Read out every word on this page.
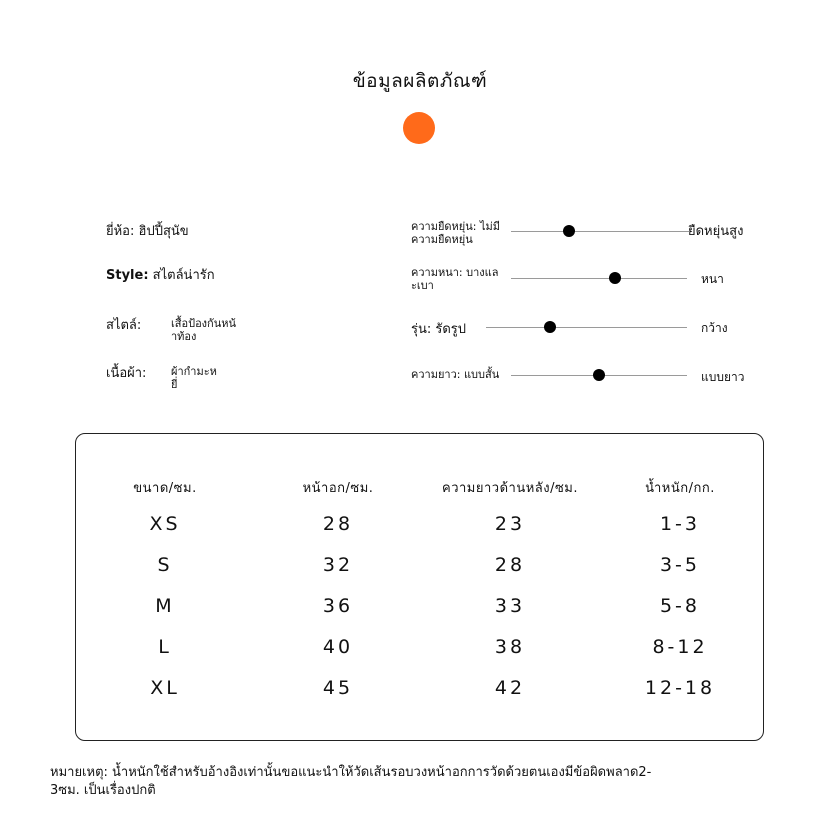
ข้อมูลผลิตภัณฑ์
ยี่ห้อ: ฮิปปี้สุนัข
Style: สไตล์น่ารัก
สไตล์:	เสื้อป้องกันหน้
าท้อง
เนื้อผ้า: ผ้ากำมะห
ยี่
ความยืดหยุ่น: ไม่มี
ความยืดหยุ่น
ความหนา: บางแล
ะเบา
รุ่น: รัดรูป
ความยาว: แบบสั้น
ยืดหยุ่นสูง
หนา
กว้าง
แบบยาว
ขนาด/ซม.	หน้าอก/ซม.	ความยาวด้านหลัง/ซม.	น้ำหนัก/กก.
XS	28	23	1-3
S	32	28	3-5
M	36	33	5-8
L	40	38	8-12
XL	45	42	12-18
หมายเหตุ: น้ำหนักใช้สำหรับอ้างอิงเท่านั้นขอแนะนำให้วัดเส้นรอบวงหน้าอกการวัดด้วยตนเองมีข้อผิดพลาด2-
3ซม. เป็นเรื่องปกติ
